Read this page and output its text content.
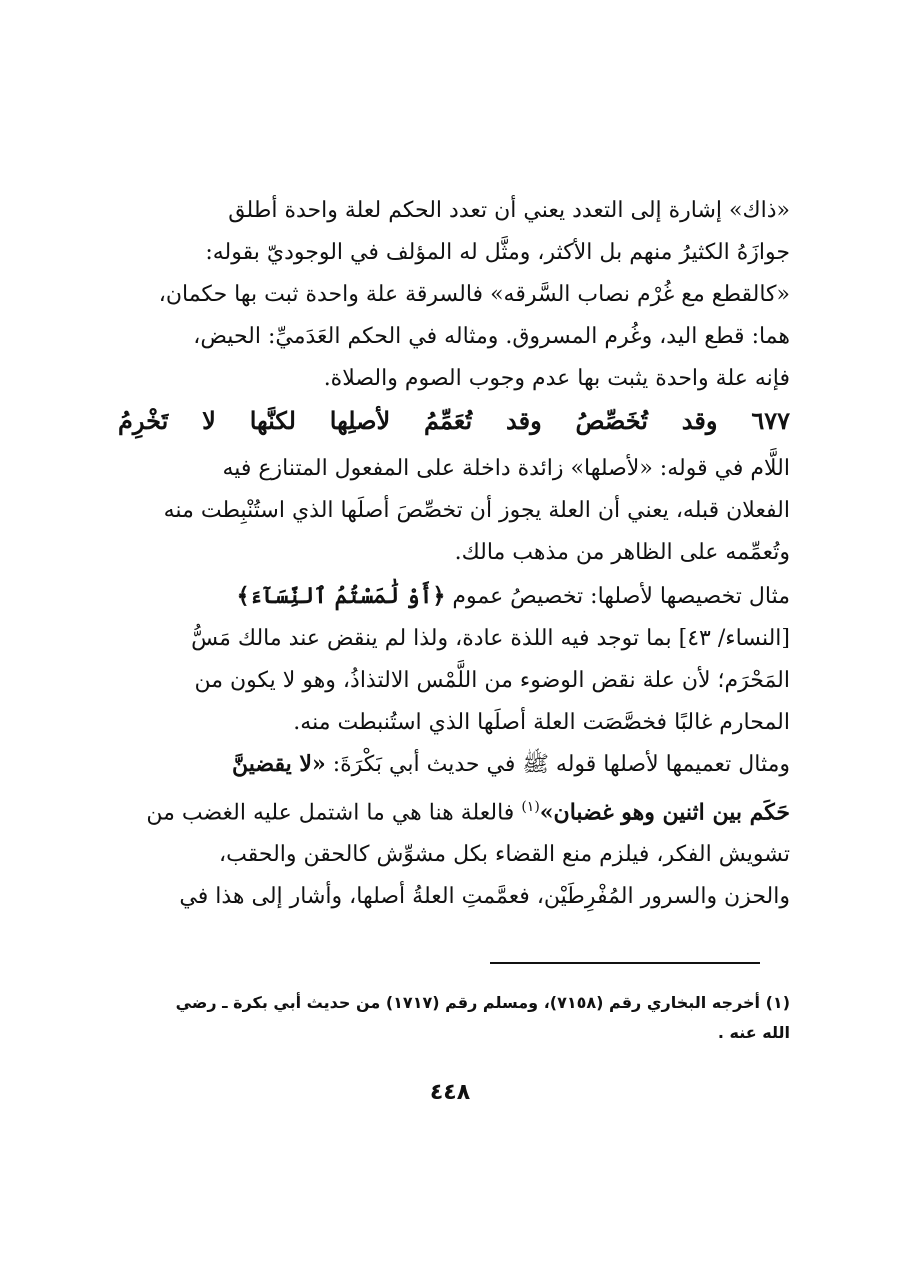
«ذاك» إشارة إلى التعدد يعني أن تعدد الحكم لعلة واحدة أطلق

جوازَهُ الكثيرُ منهم بل الأكثر، ومثَّل له المؤلف في الوجوديّ بقوله:

«كالقطع مع غُرْم نصاب السَّرقه» فالسرقة علة واحدة ثبت بها حكمان،

هما: قطع اليد، وغُرم المسروق. ومثاله في الحكم العَدَميِّ: الحيض،

فإنه علة واحدة يثبت بها عدم وجوب الصوم والصلاة.

٦٧٧ وقد تُخَصِّصُ وقد تُعَمِّمُ لأصلِها لكنَّها لا تَخْرِمُ

اللَّام في قوله: «لأصلها» زائدة داخلة على المفعول المتنازع فيه

الفعلان قبله، يعني أن العلة يجوز أن تخصِّصَ أصلَها الذي استُنْبِطت منه

وتُعمِّمه على الظاهر من مذهب مالك.

مثال تخصيصها لأصلها: تخصيصُ عموم ﴿أَوْ لَٰمَسْتُمُ ٱلنِّسَآءَ﴾

[النساء/ ٤٣] بما توجد فيه اللذة عادة، ولذا لم ينقض عند مالك مَسُّ

المَحْرَم؛ لأن علة نقض الوضوء من اللَّمْس الالتذاذُ، وهو لا يكون من

المحارم غالبًا فخصَّصَت العلة أصلَها الذي استُنبطت منه.

ومثال تعميمها لأصلها قوله ﷺ في حديث أبي بَكْرَةَ: «لا يقضينَّ

حَكَم بين اثنين وهو غضبان»$^{(١)}$ فالعلة هنا هي ما اشتمل عليه الغضب من

تشويش الفكر، فيلزم منع القضاء بكل مشوِّش كالحقن والحقب،

والحزن والسرور المُفْرِطَيْن، فعمَّمتِ العلةُ أصلها، وأشار إلى هذا في

(١) أخرجه البخاري رقم (٧١٥٨)، ومسلم رقم (١٧١٧) من حديث أبي بكرة ـ رضي
الله عنه .
٤٤٨
